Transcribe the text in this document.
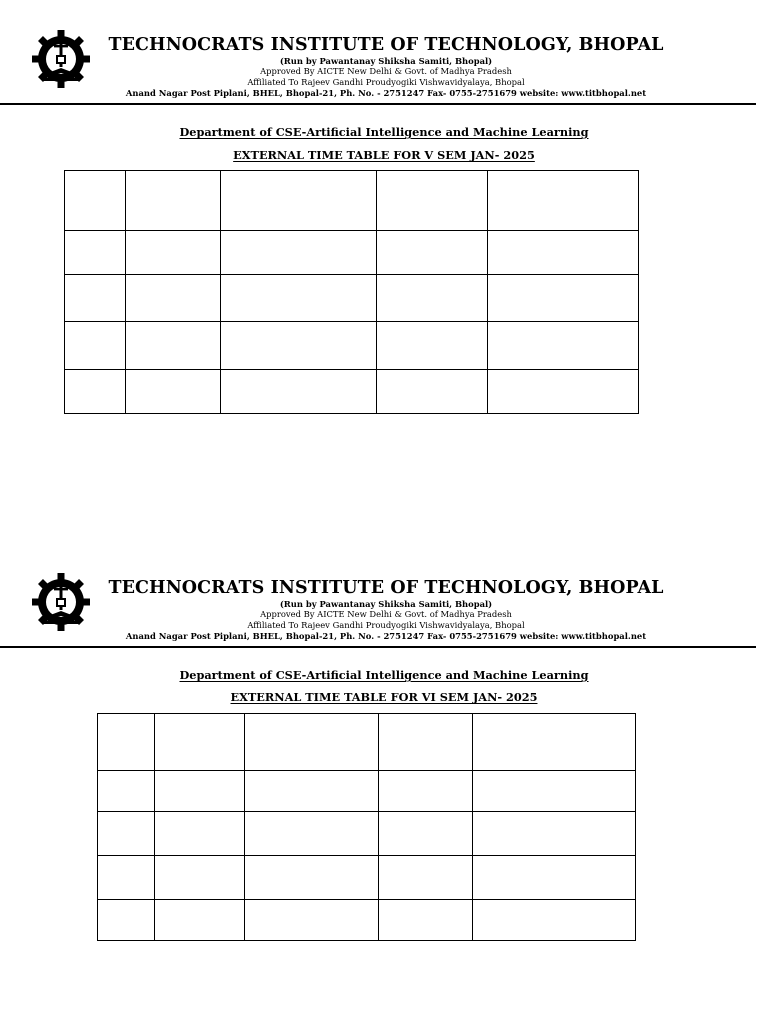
TECHNOCRATS INSTITUTE OF TECHNOLOGY, BHOPAL
(Run by Pawantanay Shiksha Samiti, Bhopal)
Approved By AICTE New Delhi & Govt. of Madhya Pradesh
Affiliated To Rajeev Gandhi Proudyogiki Vishwavidyalaya, Bhopal
Anand Nagar Post Piplani, BHEL, Bhopal-21, Ph. No. - 2751247 Fax- 0755-2751679 website: www.titbhopal.net
Department of CSE-Artificial Intelligence and Machine Learning
EXTERNAL TIME TABLE FOR V SEM JAN- 2025

TECHNOCRATS INSTITUTE OF TECHNOLOGY, BHOPAL
(Run by Pawantanay Shiksha Samiti, Bhopal)
Approved By AICTE New Delhi & Govt. of Madhya Pradesh
Affiliated To Rajeev Gandhi Proudyogiki Vishwavidyalaya, Bhopal
Anand Nagar Post Piplani, BHEL, Bhopal-21, Ph. No. - 2751247 Fax- 0755-2751679 website: www.titbhopal.net
Department of CSE-Artificial Intelligence and Machine Learning
EXTERNAL TIME TABLE FOR VI SEM JAN- 2025
